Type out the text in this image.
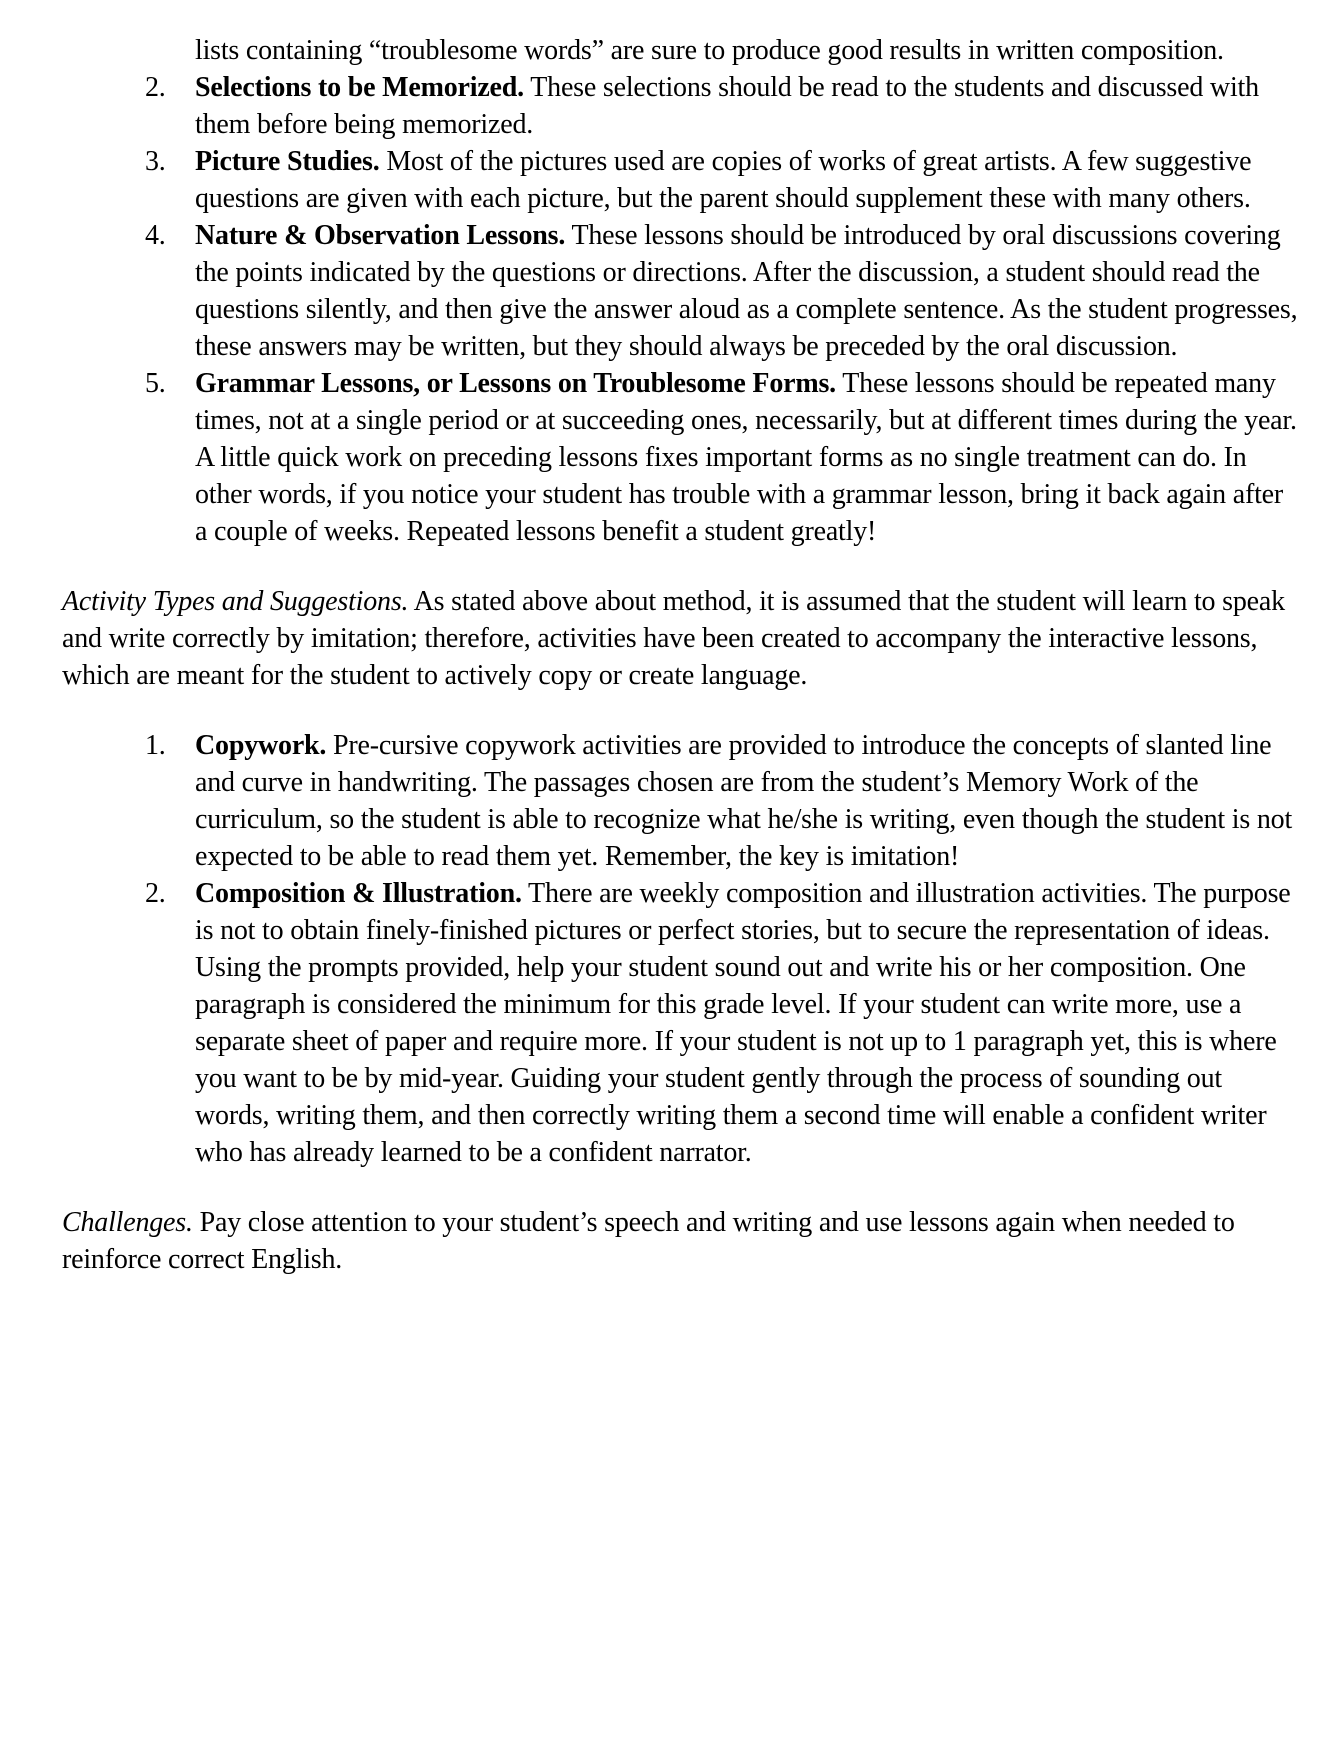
lists containing “troublesome words” are sure to produce good results in written composition.
2.	Selections to be Memorized. These selections should be read to the students and discussed with them before being memorized.
3.	Picture Studies. Most of the pictures used are copies of works of great artists. A few suggestive questions are given with each picture, but the parent should supplement these with many others.
4.	Nature & Observation Lessons. These lessons should be introduced by oral discussions covering the points indicated by the questions or directions. After the discussion, a student should read the questions silently, and then give the answer aloud as a complete sentence. As the student progresses, these answers may be written, but they should always be preceded by the oral discussion.
5.	Grammar Lessons, or Lessons on Troublesome Forms. These lessons should be repeated many times, not at a single period or at succeeding ones, necessarily, but at different times during the year. A little quick work on preceding lessons fixes important forms as no single treatment can do. In other words, if you notice your student has trouble with a grammar lesson, bring it back again after a couple of weeks. Repeated lessons benefit a student greatly!
Activity Types and Suggestions. As stated above about method, it is assumed that the student will learn to speak and write correctly by imitation; therefore, activities have been created to accompany the interactive lessons, which are meant for the student to actively copy or create language.
1.	Copywork. Pre-cursive copywork activities are provided to introduce the concepts of slanted line and curve in handwriting. The passages chosen are from the student’s Memory Work of the curriculum, so the student is able to recognize what he/she is writing, even though the student is not expected to be able to read them yet. Remember, the key is imitation!
2.	Composition & Illustration. There are weekly composition and illustration activities. The purpose is not to obtain finely-finished pictures or perfect stories, but to secure the representation of ideas. Using the prompts provided, help your student sound out and write his or her composition. One paragraph is considered the minimum for this grade level. If your student can write more, use a separate sheet of paper and require more. If your student is not up to 1 paragraph yet, this is where you want to be by mid-year. Guiding your student gently through the process of sounding out words, writing them, and then correctly writing them a second time will enable a confident writer who has already learned to be a confident narrator.
Challenges. Pay close attention to your student’s speech and writing and use lessons again when needed to reinforce correct English.
